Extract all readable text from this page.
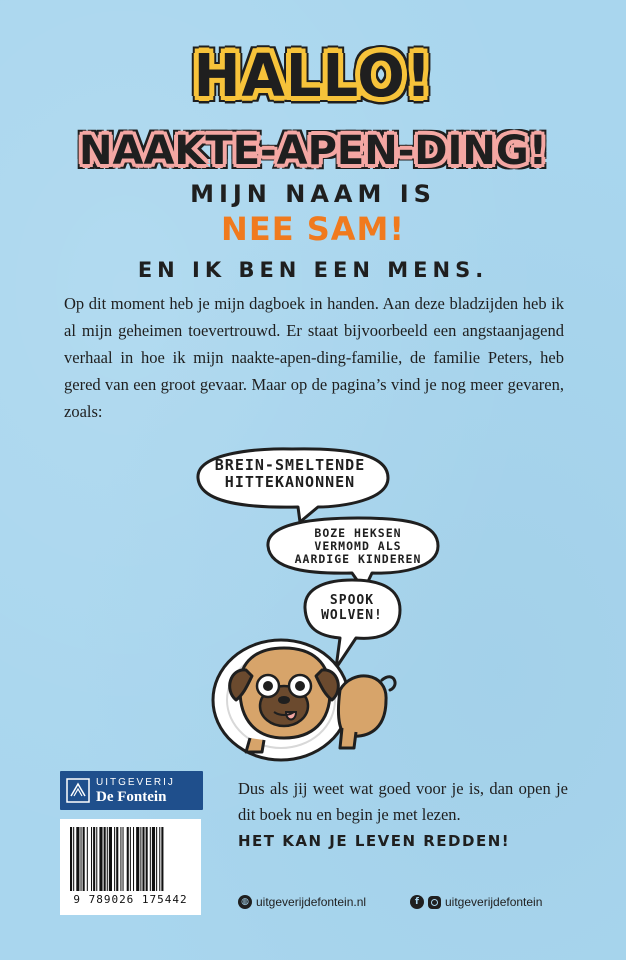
HALLO!
NAAKTE-APEN-DING!
MIJN NAAM IS
NEE SAM!
EN IK BEN EEN MENS.

Op dit moment heb je mijn dagboek in handen. Aan deze bladzijden heb ik al mijn geheimen toevertrouwd. Er staat bijvoorbeeld een angstaanjagend verhaal in hoe ik mijn naakte-apen-ding-familie, de familie Peters, heb gered van een groot gevaar. Maar op de pagina’s vind je nog meer gevaren, zoals:

BREIN-SMELTENDE HITTEKANONNEN
BOZE HEKSEN VERMOMD ALS AARDIGE KINDEREN
SPOOK WOLVEN!
UITGEVERIJ
De Fontein
9 789026 175442

Dus als jij weet wat goed voor je is, dan open je dit boek nu en begin je met lezen.

HET KAN JE LEVEN REDDEN!
◍ uitgeverijdefontein.nl	f	uitgeverijdefontein
